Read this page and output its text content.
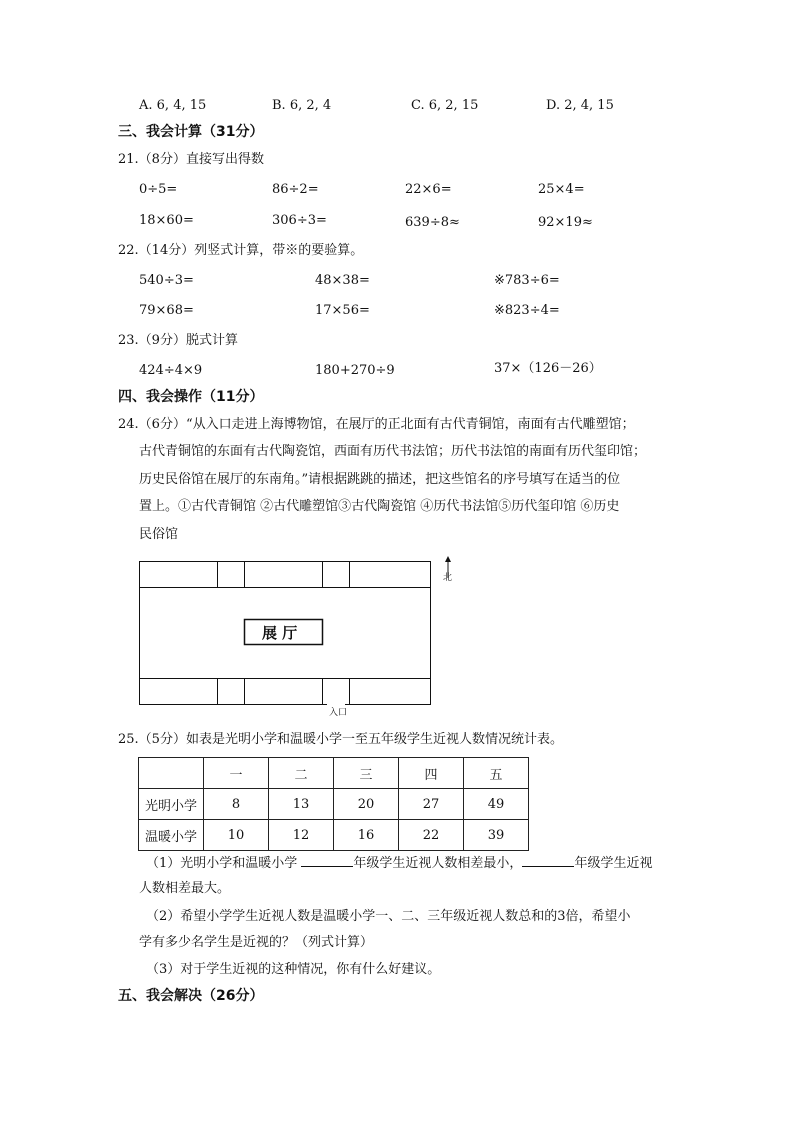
A. 6, 4, 15	B. 6, 2, 4	C. 6, 2, 15	D. 2, 4, 15
三、我会计算（31分）
21.（8分）直接写出得数
0÷5=	86÷2=	22×6=	25×4=
18×60=	306÷3=	639÷8≈	92×19≈
22.（14分）列竖式计算，带※的要验算。
540÷3=	48×38=	※783÷6=
79×68=	17×56=	※823÷4=
23.（9分）脱式计算
424÷4×9	180+270÷9	37×（126－26）
四、我会操作（11分）
24.（6分）“从入口走进上海博物馆，在展厅的正北面有古代青铜馆，南面有古代雕塑馆；
古代青铜馆的东面有古代陶瓷馆，西面有历代书法馆；历代书法馆的南面有历代玺印馆；
历史民俗馆在展厅的东南角。”请根据跳跳的描述，把这些馆名的序号填写在适当的位
置上。①古代青铜馆 ②古代雕塑馆③古代陶瓷馆 ④历代书法馆⑤历代玺印馆 ⑥历史
民俗馆
展 厅
北
入口
25.（5分）如表是光明小学和温暖小学一至五年级学生近视人数情况统计表。
	一	二	三	四	五
光明小学	8	13	20	27	49
温暖小学	10	12	16	22	39
（1）光明小学和温暖小学	年级学生近视人数相差最小，	年级学生近视
人数相差最大。
（2）希望小学学生近视人数是温暖小学一、二、三年级近视人数总和的3倍，希望小
学有多少名学生是近视的？（列式计算）
（3）对于学生近视的这种情况，你有什么好建议。
五、我会解决（26分）
